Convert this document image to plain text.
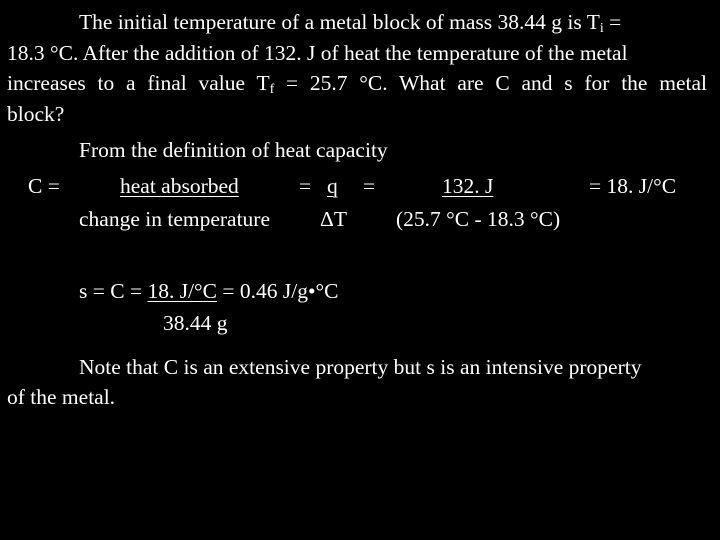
The initial temperature of a metal block of mass 38.44 g is $T_i$ =
18.3 °C. After the addition of 132. J of heat the temperature of the metal
increases to a final value $T_f = 25.7$ °C. What are C and s for the metal
block?
From the definition of heat capacity
C =	heat absorbed	= q =	132. J	= 18. J/°C
change in temperature ΔT (25.7 °C - 18.3 °C)
s = C = 18. J/°C = 0.46 J/g•°C
38.44 g
Note that C is an extensive property but s is an intensive property
of the metal.
